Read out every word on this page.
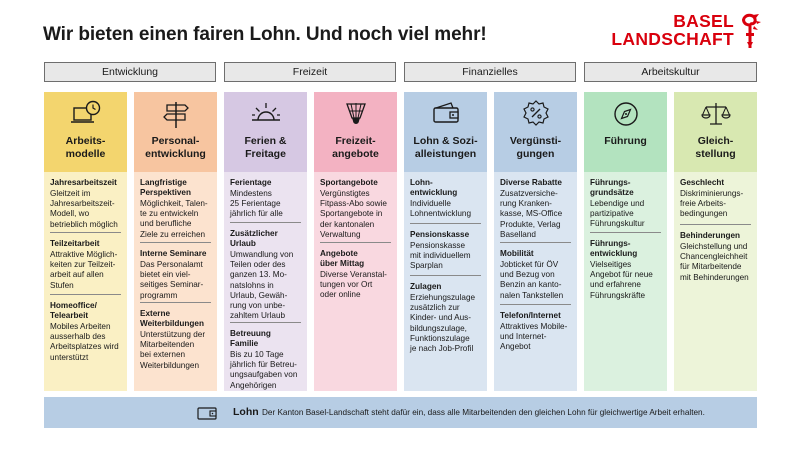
Wir bieten einen fairen Lohn. Und noch viel mehr!
BASEL
LANDSCHAFT
Entwicklung	Freizeit	Finanzielles	Arbeitskultur
Arbeits-
modelle
Jahresarbeitszeit
Gleitzeit im
Jahresarbeitszeit-
Modell, wo
betrieblich möglich
Teilzeitarbeit
Attraktive Möglich-
keiten zur Teilzeit-
arbeit auf allen
Stufen
Homeoffice/
Telearbeit
Mobiles Arbeiten
ausserhalb des
Arbeitsplatzes wird
unterstützt
Personal-
entwicklung
Langfristige
Perspektiven
Möglichkeit, Talen-
te zu entwickeln
und berufliche
Ziele zu erreichen
Interne Seminare
Das Personalamt
bietet ein viel-
seitiges Seminar-
programm
Externe
Weiterbildungen
Unterstützung der
Mitarbeitenden
bei externen
Weiterbildungen
Ferien &
Freitage
Ferientage
Mindestens
25 Ferientage
jährlich für alle
Zusätzlicher
Urlaub
Umwandlung von
Teilen oder des
ganzen 13. Mo-
natslohns in
Urlaub, Gewäh-
rung von unbe-
zahltem Urlaub
Betreuung
Familie
Bis zu 10 Tage
jährlich für Betreu-
ungsaufgaben von
Angehörigen
Freizeit-
angebote
Sportangebote
Vergünstigtes
Fitpass-Abo sowie
Sportangebote in
der kantonalen
Verwaltung
Angebote
über Mittag
Diverse Veranstal-
tungen vor Ort
oder online
Lohn & Sozi-
alleistungen
Lohn-
entwicklung
Individuelle
Lohnentwicklung
Pensionskasse
Pensionskasse
mit individuellem
Sparplan
Zulagen
Erziehungszulage
zusätzlich zur
Kinder- und Aus-
bildungszulage,
Funktionszulage
je nach Job-Profil
Vergünsti-
gungen
Diverse Rabatte
Zusatzversiche-
rung Kranken-
kasse, MS-Office
Produkte, Verlag
Baselland
Mobilität
Jobticket für ÖV
und Bezug von
Benzin an kanto-
nalen Tankstellen
Telefon/Internet
Attraktives Mobile-
und Internet-
Angebot
Führung
Führungs-
grundsätze
Lebendige und
partizipative
Führungskultur
Führungs-
entwicklung
Vielseitiges
Angebot für neue
und erfahrene
Führungskräfte
Gleich-
stellung
Geschlecht
Diskriminierungs-
freie Arbeits-
bedingungen
Behinderungen
Gleichstellung und
Chancengleichheit
für Mitarbeitende
mit Behinderungen
Lohn Der Kanton Basel-Landschaft steht dafür ein, dass alle Mitarbeitenden den gleichen Lohn für gleichwertige Arbeit erhalten.
